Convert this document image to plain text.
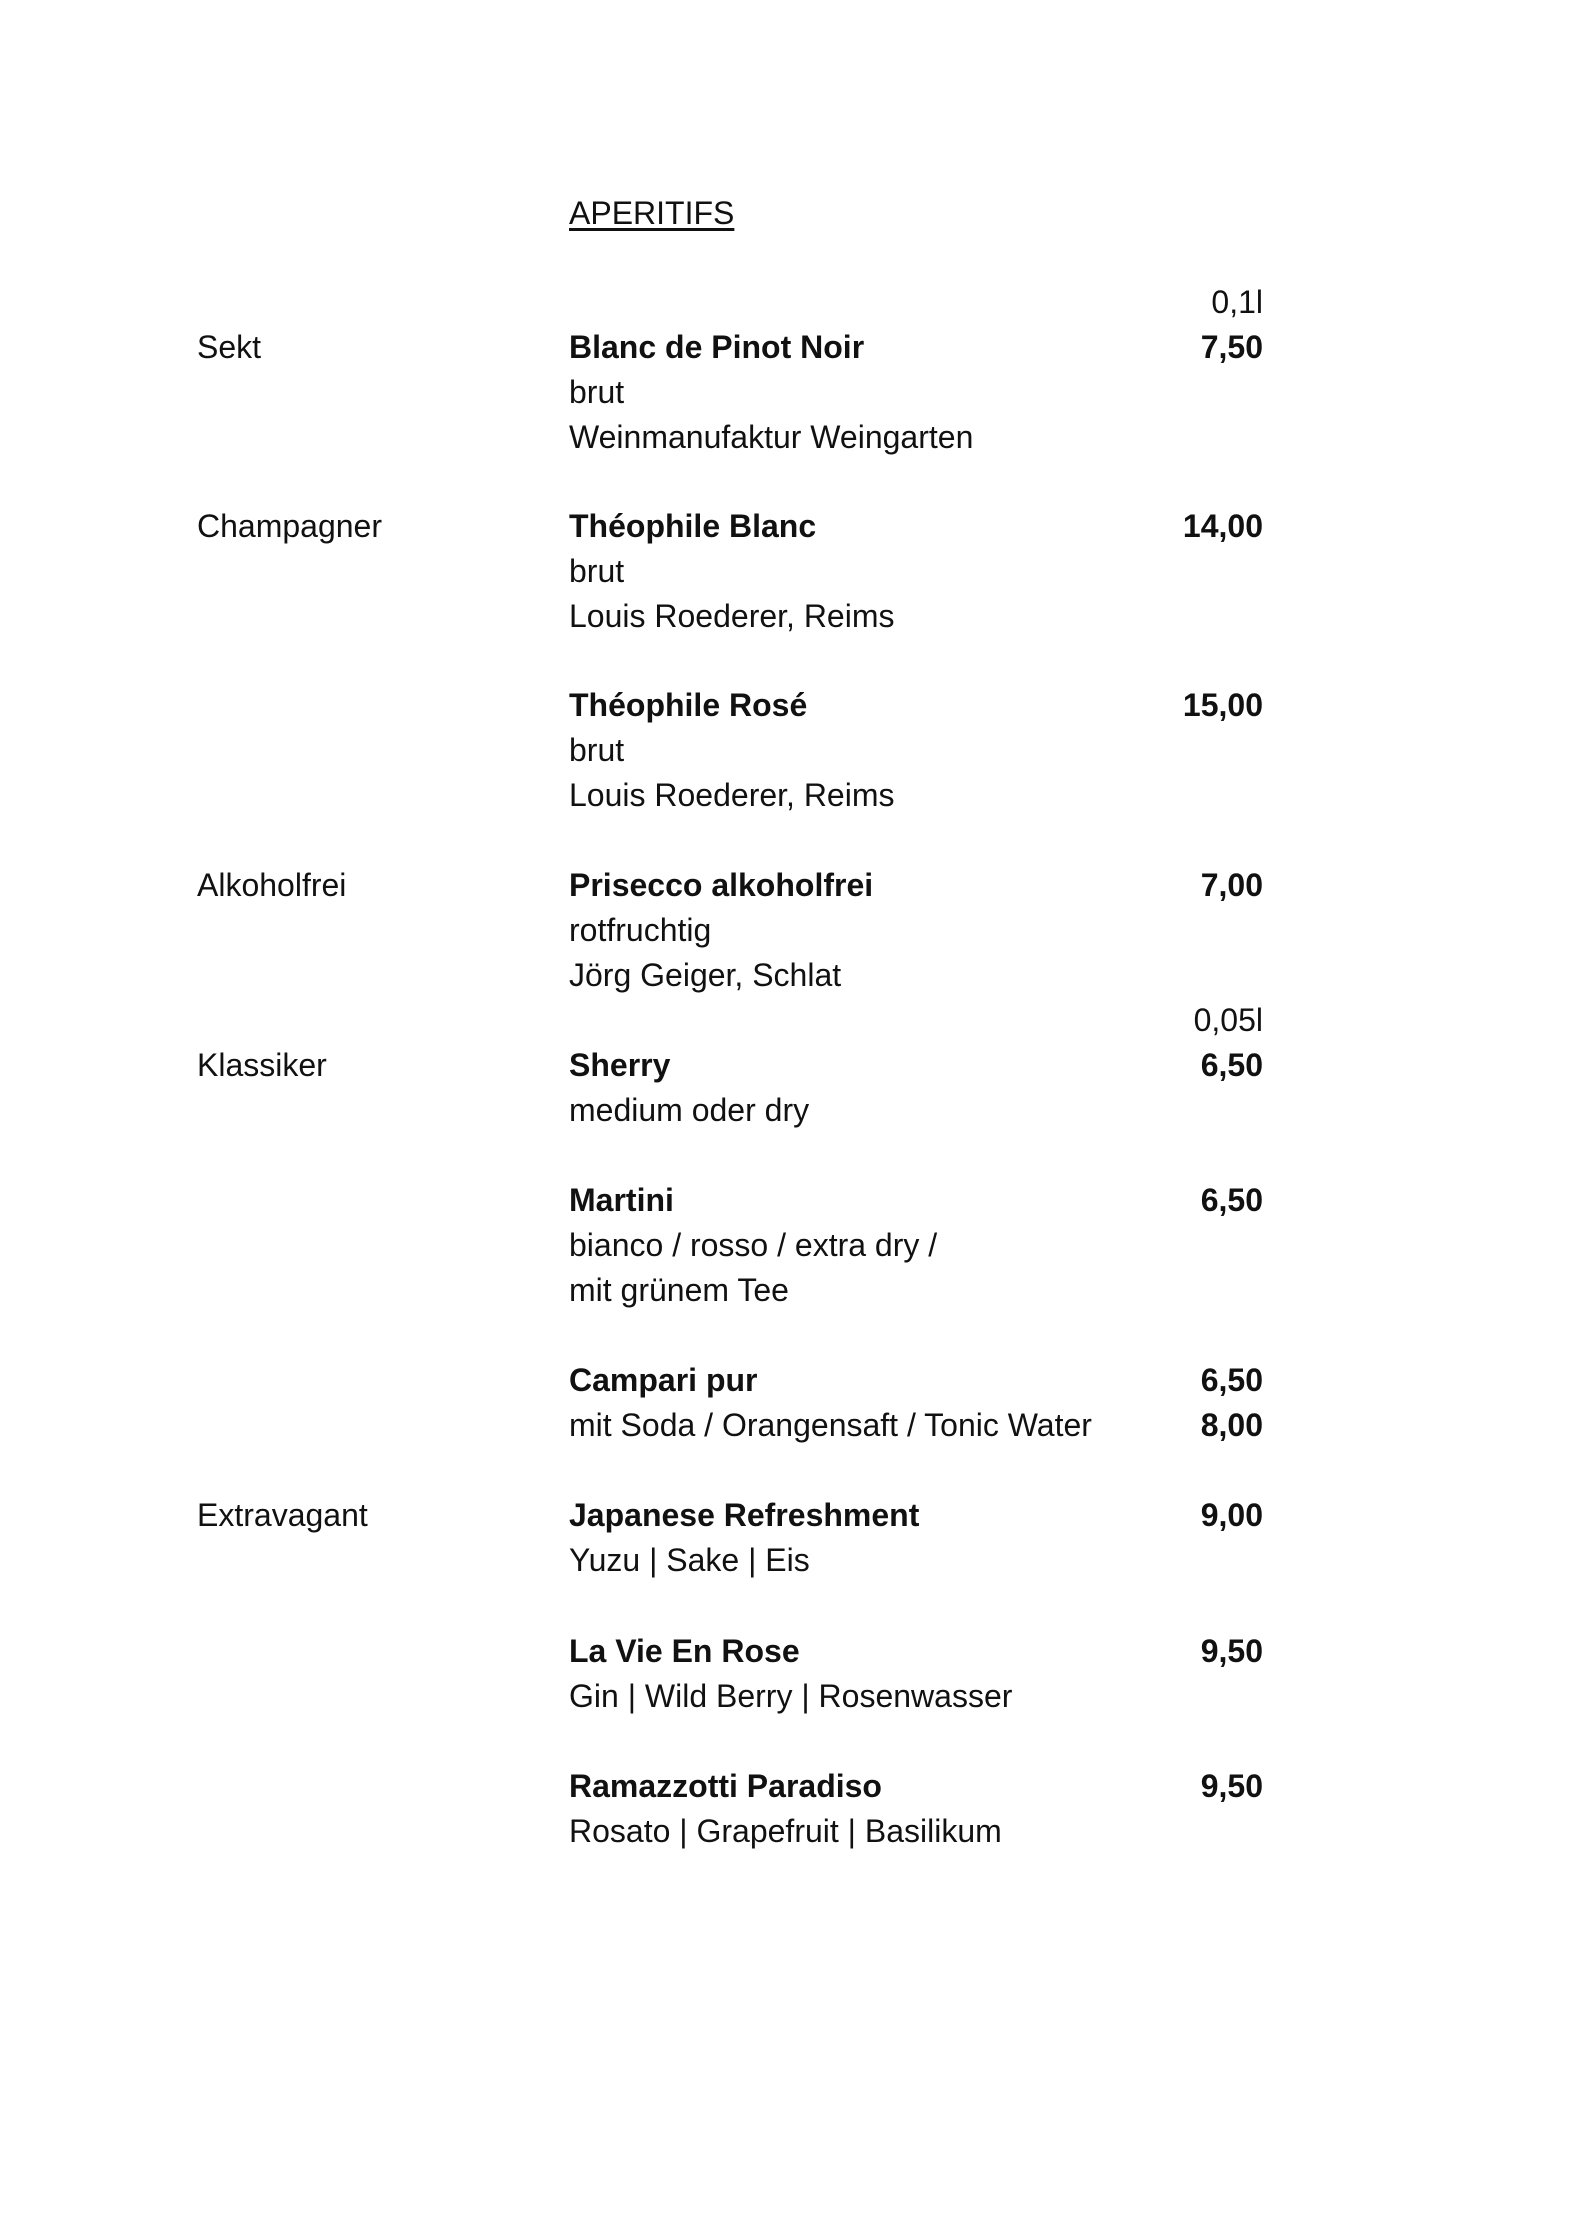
APERITIFS
0,1l
Sekt	Blanc de Pinot Noir	7,50
brut
Weinmanufaktur Weingarten
Champagner	Théophile Blanc	14,00
brut
Louis Roederer, Reims
Théophile Rosé	15,00
brut
Louis Roederer, Reims
Alkoholfrei	Prisecco alkoholfrei	7,00
rotfruchtig
Jörg Geiger, Schlat
0,05l
Klassiker	Sherry	6,50
medium oder dry
Martini	6,50
bianco / rosso / extra dry /
mit grünem Tee
Campari pur	6,50
mit Soda / Orangensaft / Tonic Water	8,00
Extravagant	Japanese Refreshment	9,00
Yuzu | Sake | Eis
La Vie En Rose	9,50
Gin | Wild Berry | Rosenwasser
Ramazzotti Paradiso	9,50
Rosato | Grapefruit | Basilikum
